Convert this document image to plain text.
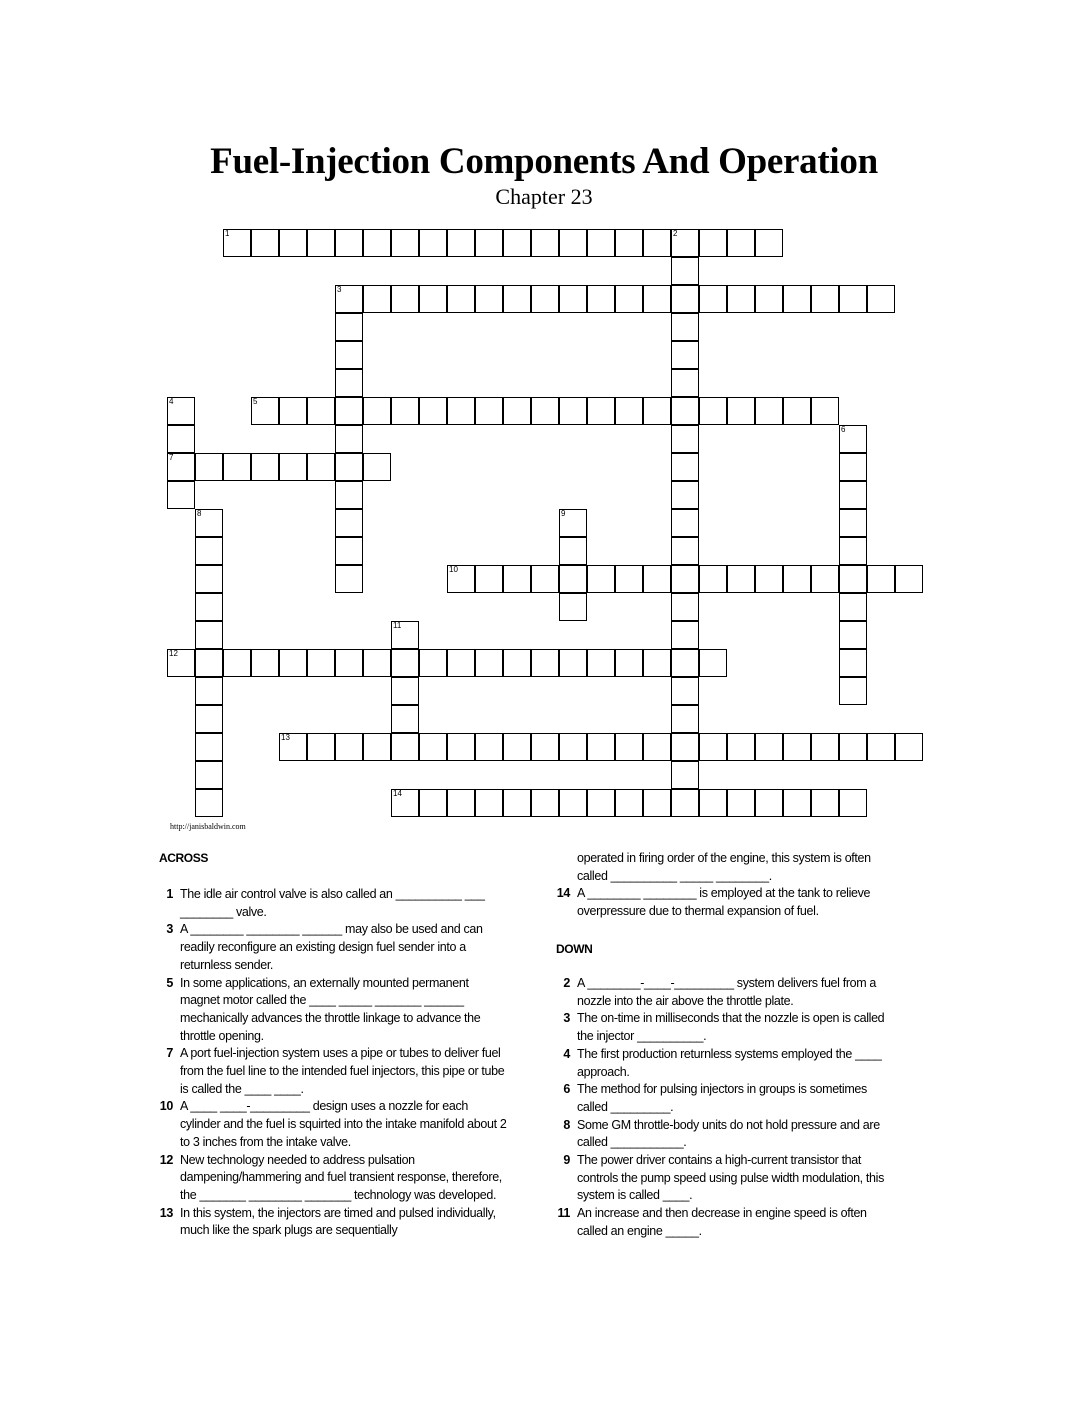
Fuel-Injection Components And Operation
Chapter 23
1	2
3
4
7
5
6
8	9
10
11
12
13
14
http://janisbaldwin.com
ACROSS
1 The idle air control valve is also called an __________ ___ ________ valve.
3 A ________ ________ ______ may also be used and can readily reconfigure an existing design fuel sender into a returnless sender.
5 In some applications, an externally mounted permanent magnet motor called the ____ _____ _______ ______ mechanically advances the throttle linkage to advance the throttle opening.
7 A port fuel-injection system uses a pipe or tubes to deliver fuel from the fuel line to the intended fuel injectors, this pipe or tube is called the ____ ____.
10 A ____ ____-_________ design uses a nozzle for each cylinder and the fuel is squirted into the intake manifold about 2 to 3 inches from the intake valve.
12 New technology needed to address pulsation dampening/hammering and fuel transient response, therefore, the _______ ________ _______ technology was developed.
13 In this system, the injectors are timed and pulsed individually, much like the spark plugs are sequentially
operated in firing order of the engine, this system is often called __________ _____ ________.
14 A ________ ________ is employed at the tank to relieve overpressure due to thermal expansion of fuel.
DOWN
2 A ________-____-_________ system delivers fuel from a nozzle into the air above the throttle plate.
3 The on-time in milliseconds that the nozzle is open is called the injector __________.
4 The first production returnless systems employed the ____ approach.
6 The method for pulsing injectors in groups is sometimes called _________.
8 Some GM throttle-body units do not hold pressure and are called ___________.
9 The power driver contains a high-current transistor that controls the pump speed using pulse width modulation, this system is called ____.
11 An increase and then decrease in engine speed is often called an engine _____.
